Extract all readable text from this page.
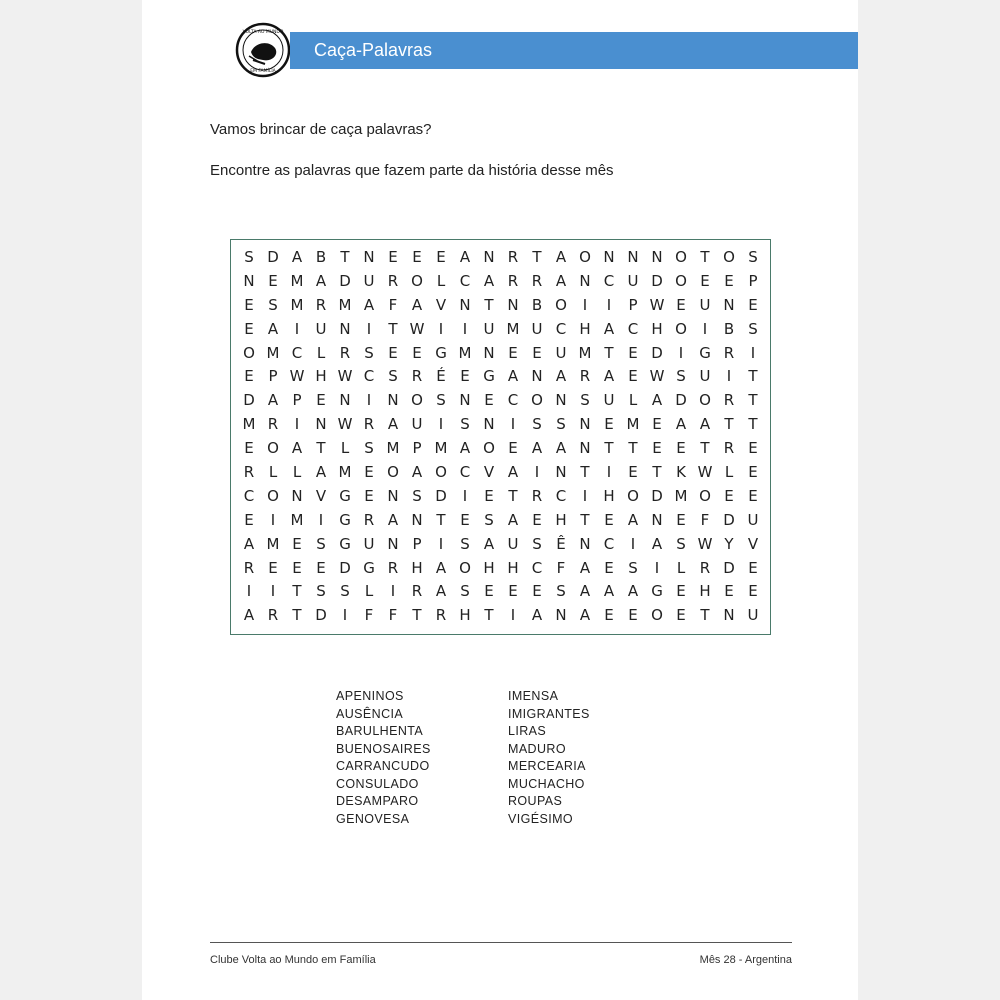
VOLTA AO MUNDO
EM FAMÍLIA
Caça-Palavras
Vamos brincar de caça palavras?
Encontre as palavras que fazem parte da história desse mês
S D A B T N E E E A N R T A O N N N O T O S
N E M A D U R O L C A R R A N C U D O E E P
E S M R M A F A V N T N B O	I	I	P W E U N E
E A	I	U N	I	T W I	I	U M U C H A C H O	I	B S
O M C L R S E E G M N E E U M T E D	I	G R	I
E P W H W C S R É E G A N A R A E W S U	I	T
D A P E N	I	N O S N E C O N S U L A D O R T
M R	I	N W R A U	I	S N	I	S S N E M E A A T T
E O A T	L	S M P M A O E A A N T T E E T R E
R L	L A M E O A O C V A	I	N T	I	E T K W L	E
C O N V G E N S D	I	E T R C	I	H O D M O E E
E	I	M	I	G R A N T E S A E H T E A N E F D U
A M E S G U N P	I	S A U S Ê N C	I	A S W Y V
R E E E D G R H A O H H C F A E S	I	L R D E
I	I	T S S	L	I	R A S E E E S A A A G E H E E
A R T D	I	F	F	T R H T	I	A N A E E O E T N U
APENINOS
AUSÊNCIA
BARULHENTA
BUENOSAIRES
CARRANCUDO
CONSULADO
DESAMPARO
GENOVESA
IMENSA
IMIGRANTES
LIRAS
MADURO
MERCEARIA
MUCHACHO
ROUPAS
VIGÉSIMO
Clube Volta ao Mundo em Família	Mês 28 - Argentina
